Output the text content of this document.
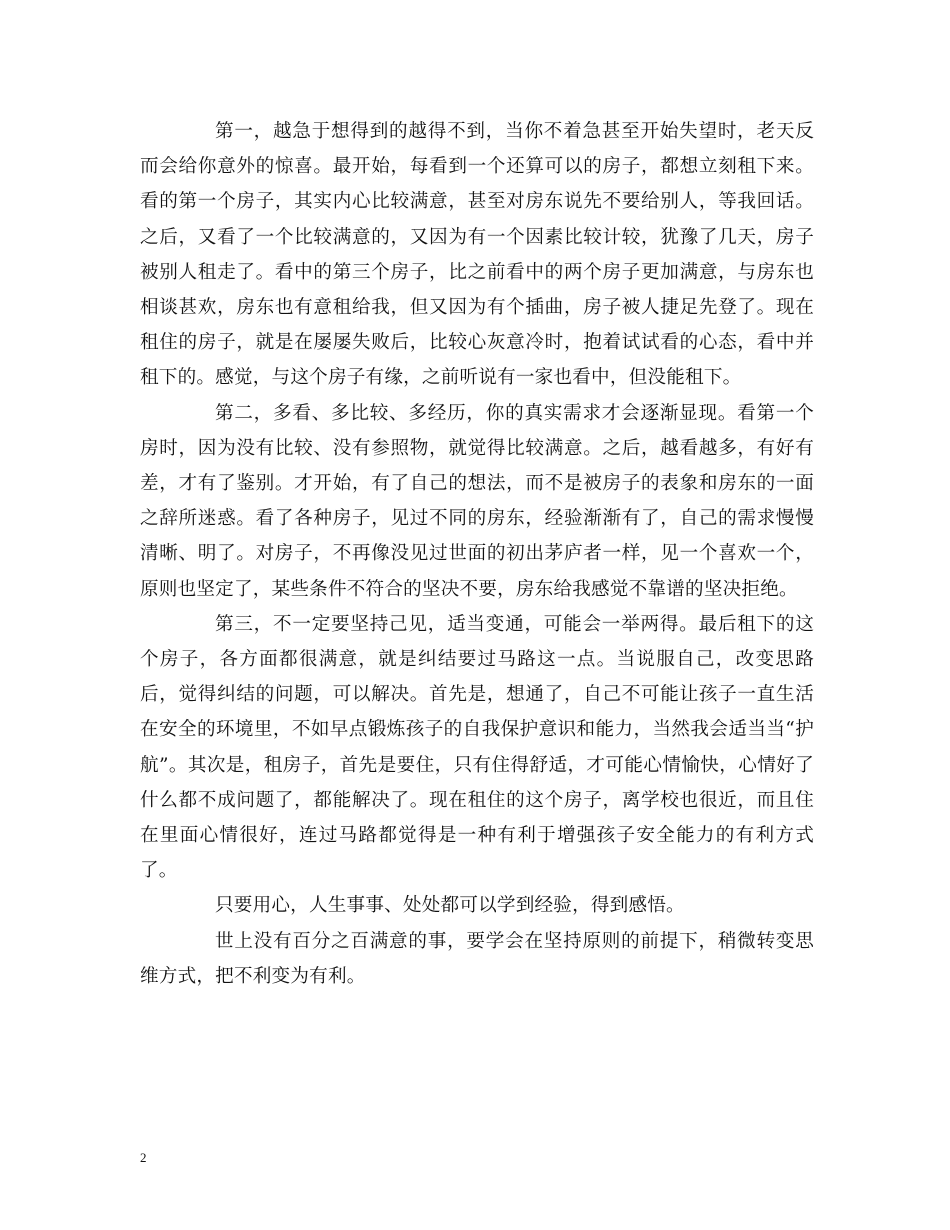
第一，越急于想得到的越得不到，当你不着急甚至开始失望时，老天反而会给你意外的惊喜。最开始，每看到一个还算可以的房子，都想立刻租下来。看的第一个房子，其实内心比较满意，甚至对房东说先不要给别人，等我回话。之后，又看了一个比较满意的，又因为有一个因素比较计较，犹豫了几天，房子被别人租走了。看中的第三个房子，比之前看中的两个房子更加满意，与房东也相谈甚欢，房东也有意租给我，但又因为有个插曲，房子被人捷足先登了。现在租住的房子，就是在屡屡失败后，比较心灰意冷时，抱着试试看的心态，看中并租下的。感觉，与这个房子有缘，之前听说有一家也看中，但没能租下。

第二，多看、多比较、多经历，你的真实需求才会逐渐显现。看第一个房时，因为没有比较、没有参照物，就觉得比较满意。之后，越看越多，有好有差，才有了鉴别。才开始，有了自己的想法，而不是被房子的表象和房东的一面之辞所迷惑。看了各种房子，见过不同的房东，经验渐渐有了，自己的需求慢慢清晰、明了。对房子，不再像没见过世面的初出茅庐者一样，见一个喜欢一个，原则也坚定了，某些条件不符合的坚决不要，房东给我感觉不靠谱的坚决拒绝。

第三，不一定要坚持己见，适当变通，可能会一举两得。最后租下的这个房子，各方面都很满意，就是纠结要过马路这一点。当说服自己，改变思路后，觉得纠结的问题，可以解决。首先是，想通了，自己不可能让孩子一直生活在安全的环境里，不如早点锻炼孩子的自我保护意识和能力，当然我会适当当“护航”。其次是，租房子，首先是要住，只有住得舒适，才可能心情愉快，心情好了什么都不成问题了，都能解决了。现在租住的这个房子，离学校也很近，而且住在里面心情很好，连过马路都觉得是一种有利于增强孩子安全能力的有利方式了。

只要用心，人生事事、处处都可以学到经验，得到感悟。

世上没有百分之百满意的事，要学会在坚持原则的前提下，稍微转变思维方式，把不利变为有利。

2
